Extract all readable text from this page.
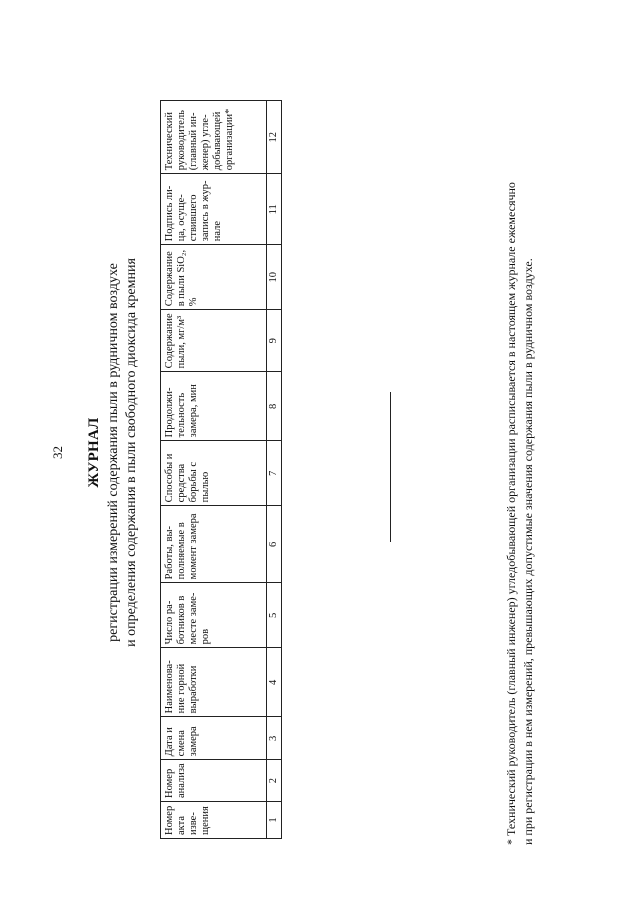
32 ЖУРНАЛ регистрации измерений содержания пыли в рудничном воздухе и определения содержания в пыли свободного диоксида кремния
Номер акта изве-щения	Номер анализа	Дата и смена замера	Наименова-ние горной выработки	Число ра-ботников в месте заме-ров	Работы, вы-полняемые в момент замера	Способы и средства борьбы с пылью	Продолжи-тельность замера, мин	Содержание пыли, мг/м³	Содержание в пыли SiO₂, %	Подпись ли-ца, осуще-ствившего запись в жур-нале	Технический руководитель (главный ин-женер) угле-добывающей организации*
1	2	3	4	5	6	7	8	9	10	11	12
* Технический руководитель (главный инженер) угледобывающей организации расписывается в настоящем журнале ежемесячно и при регистрации в нем измерений, превышающих допустимые значения содержания пыли в рудничном воздухе.
